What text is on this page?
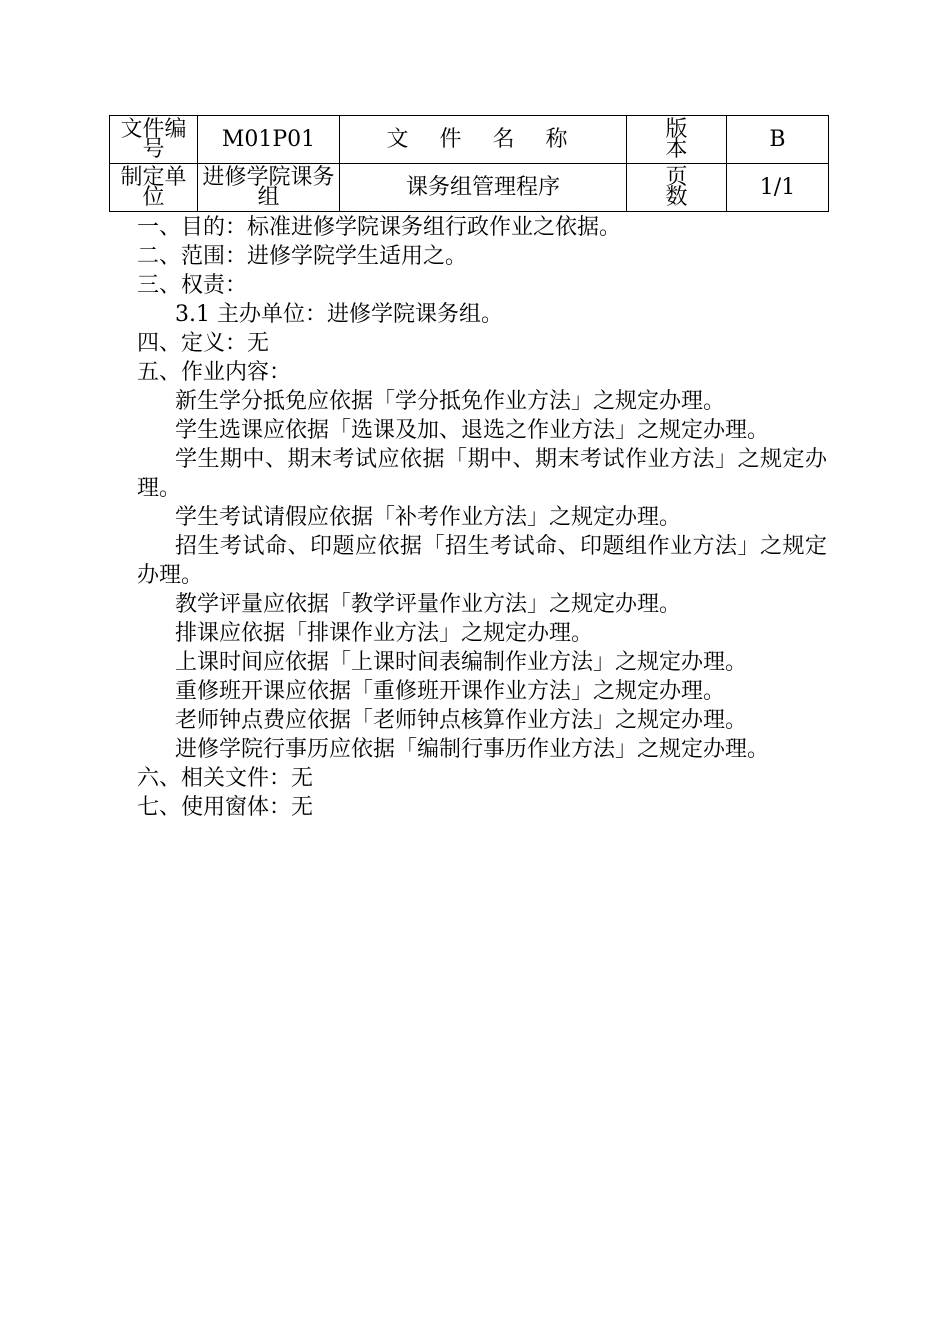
文件编号	M01P01	文 件 名 称	版本	B
制定单位	进修学院课务组	课务组管理程序	页数	1/1
一、目的：标准进修学院课务组行政作业之依据。
二、范围：进修学院学生适用之。
三、权责：
3.1 主办单位：进修学院课务组。
四、定义：无
五、作业内容：
新生学分抵免应依据「学分抵免作业方法」之规定办理。
学生选课应依据「选课及加、退选之作业方法」之规定办理。
学生期中、期末考试应依据「期中、期末考试作业方法」之规定办理。
学生考试请假应依据「补考作业方法」之规定办理。
招生考试命、印题应依据「招生考试命、印题组作业方法」之规定办理。
教学评量应依据「教学评量作业方法」之规定办理。
排课应依据「排课作业方法」之规定办理。
上课时间应依据「上课时间表编制作业方法」之规定办理。
重修班开课应依据「重修班开课作业方法」之规定办理。
老师钟点费应依据「老师钟点核算作业方法」之规定办理。
进修学院行事历应依据「编制行事历作业方法」之规定办理。
六、相关文件：无
七、使用窗体：无
